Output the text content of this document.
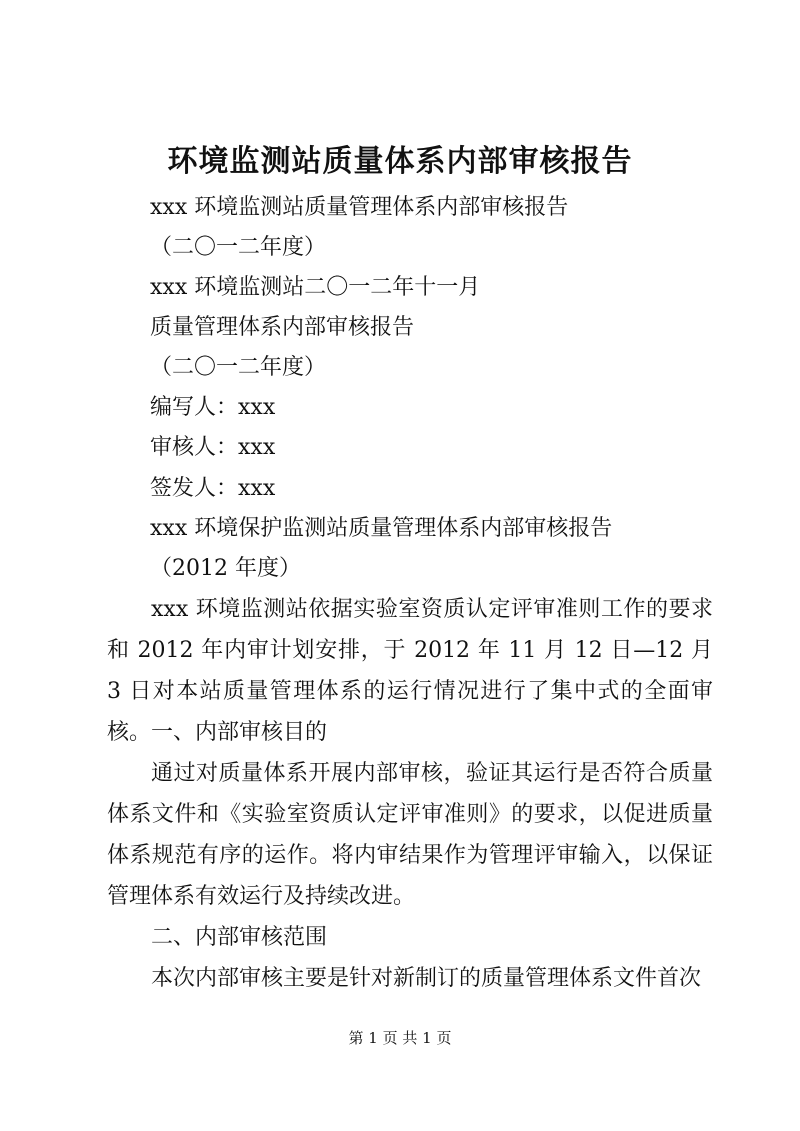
环境监测站质量体系内部审核报告
xxx 环境监测站质量管理体系内部审核报告
（二〇一二年度）
xxx 环境监测站二〇一二年十一月
质量管理体系内部审核报告
（二〇一二年度）
编写人：xxx
审核人：xxx
签发人：xxx
xxx 环境保护监测站质量管理体系内部审核报告
（2012 年度）

xxx 环境监测站依据实验室资质认定评审准则工作的要求和 2012 年内审计划安排，于 2012 年 11 月 12 日—12 月 3 日对本站质量管理体系的运行情况进行了集中式的全面审核。 一、内部审核目的

通过对质量体系开展内部审核，验证其运行是否符合质量体系文件和《实验室资质认定评审准则》的要求，以促进质量体系规范有序的运作。将内审结果作为管理评审输入，以保证管理体系有效运行及持续改进。

二、内部审核范围

本次内部审核主要是针对新制订的质量管理体系文件首次

第 1 页 共 1 页
